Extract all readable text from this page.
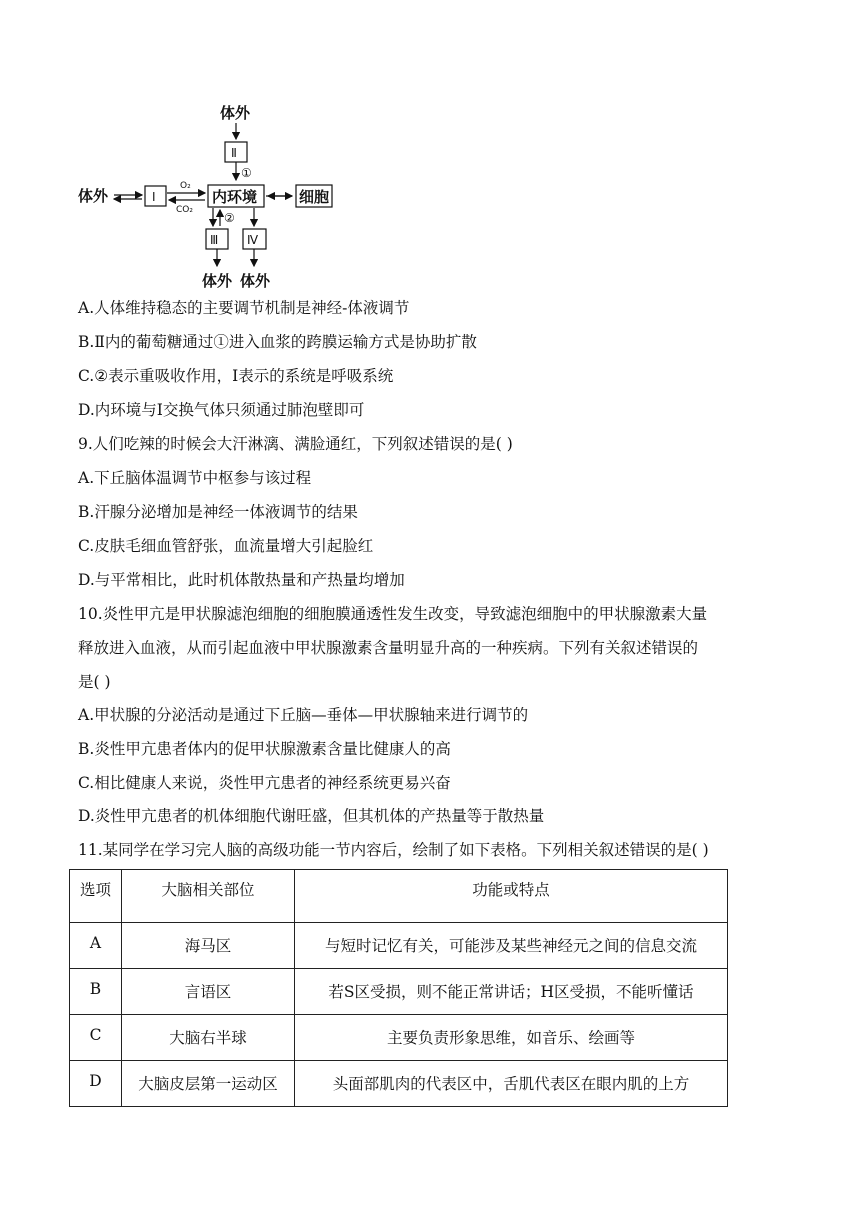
体外
Ⅱ
①
体外	Ⅰ
O₂
CO₂
内环境	细胞
②
Ⅲ Ⅳ
体外 体外
A.人体维持稳态的主要调节机制是神经-体液调节
B.Ⅱ内的葡萄糖通过①进入血浆的跨膜运输方式是协助扩散
C.②表示重吸收作用，I表示的系统是呼吸系统
D.内环境与Ⅰ交换气体只须通过肺泡壁即可
9.人们吃辣的时候会大汗淋漓、满脸通红，下列叙述错误的是( )
A.下丘脑体温调节中枢参与该过程
B.汗腺分泌增加是神经一体液调节的结果
C.皮肤毛细血管舒张，血流量增大引起脸红
D.与平常相比，此时机体散热量和产热量均增加
10.炎性甲亢是甲状腺滤泡细胞的细胞膜通透性发生改变，导致滤泡细胞中的甲状腺激素大量
释放进入血液，从而引起血液中甲状腺激素含量明显升高的一种疾病。下列有关叙述错误的
是( )
A.甲状腺的分泌活动是通过下丘脑—垂体—甲状腺轴来进行调节的
B.炎性甲亢患者体内的促甲状腺激素含量比健康人的高
C.相比健康人来说，炎性甲亢患者的神经系统更易兴奋
D.炎性甲亢患者的机体细胞代谢旺盛，但其机体的产热量等于散热量
11.某同学在学习完人脑的高级功能一节内容后，绘制了如下表格。下列相关叙述错误的是( )
选项	大脑相关部位	功能或特点
A	海马区	与短时记忆有关，可能涉及某些神经元之间的信息交流
B	言语区	若S区受损，则不能正常讲话；H区受损，不能听懂话
C	大脑右半球	主要负责形象思维，如音乐、绘画等
D	大脑皮层第一运动区	头面部肌肉的代表区中，舌肌代表区在眼内肌的上方
